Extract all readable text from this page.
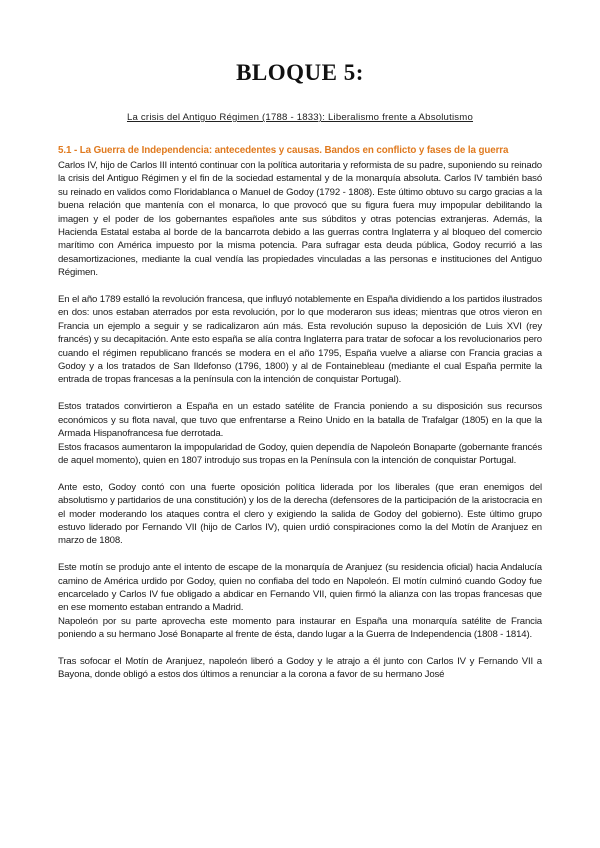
BLOQUE 5:
La crisis del Antiguo Régimen (1788 - 1833): Liberalismo frente a Absolutismo
5.1 - La Guerra de Independencia: antecedentes y causas. Bandos en conflicto y fases de la guerra

Carlos IV, hijo de Carlos III intentó continuar con la política autoritaria y reformista de su padre, suponiendo su reinado la crisis del Antiguo Régimen y el fin de la sociedad estamental y de la monarquía absoluta. Carlos IV también basó su reinado en validos como Floridablanca o Manuel de Godoy (1792 - 1808). Este último obtuvo su cargo gracias a la buena relación que mantenía con el monarca, lo que provocó que su figura fuera muy impopular debilitando la imagen y el poder de los gobernantes españoles ante sus súbditos y otras potencias extranjeras. Además, la Hacienda Estatal estaba al borde de la bancarrota debido a las guerras contra Inglaterra y al bloqueo del comercio marítimo con América impuesto por la misma potencia. Para sufragar esta deuda pública, Godoy recurrió a las desamortizaciones, mediante la cual vendía las propiedades vinculadas a las personas e instituciones del Antiguo Régimen.

En el año 1789 estalló la revolución francesa, que influyó notablemente en España dividiendo a los partidos ilustrados en dos: unos estaban aterrados por esta revolución, por lo que moderaron sus ideas; mientras que otros vieron en Francia un ejemplo a seguir y se radicalizaron aún más. Esta revolución supuso la deposición de Luis XVI (rey francés) y su decapitación. Ante esto españa se alía contra Inglaterra para tratar de sofocar a los revolucionarios pero cuando el régimen republicano francés se modera en el año 1795, España vuelve a aliarse con Francia gracias a Godoy y a los tratados de San Ildefonso (1796, 1800) y al de Fontainebleau (mediante el cual España permite la entrada de tropas francesas a la península con la intención de conquistar Portugal).

Estos tratados convirtieron a España en un estado satélite de Francia poniendo a su disposición sus recursos económicos y su flota naval, que tuvo que enfrentarse a Reino Unido en la batalla de Trafalgar (1805) en la que la Armada Hispanofrancesa fue derrotada.

Estos fracasos aumentaron la impopularidad de Godoy, quien dependía de Napoleón Bonaparte (gobernante francés de aquel momento), quien en 1807 introdujo sus tropas en la Península con la intención de conquistar Portugal.

Ante esto, Godoy contó con una fuerte oposición política liderada por los liberales (que eran enemigos del absolutismo y partidarios de una constitución) y los de la derecha (defensores de la participación de la aristocracia en el moder moderando los ataques contra el clero y exigiendo la salida de Godoy del gobierno). Este último grupo estuvo liderado por Fernando VII (hijo de Carlos IV), quien urdió conspiraciones como la del Motín de Aranjuez en marzo de 1808.

Este motín se produjo ante el intento de escape de la monarquía de Aranjuez (su residencia oficial) hacia Andalucía camino de América urdido por Godoy, quien no confiaba del todo en Napoleón. El motín culminó cuando Godoy fue encarcelado y Carlos IV fue obligado a abdicar en Fernando VII, quien firmó la alianza con las tropas francesas que en ese momento estaban entrando a Madrid.

Napoleón por su parte aprovecha este momento para instaurar en España una monarquía satélite de Francia poniendo a su hermano José Bonaparte al frente de ésta, dando lugar a la Guerra de Independencia (1808 - 1814).

Tras sofocar el Motín de Aranjuez, napoleón liberó a Godoy y le atrajo a él junto con Carlos IV y Fernando VII a Bayona, donde obligó a estos dos últimos a renunciar a la corona a favor de su hermano José
